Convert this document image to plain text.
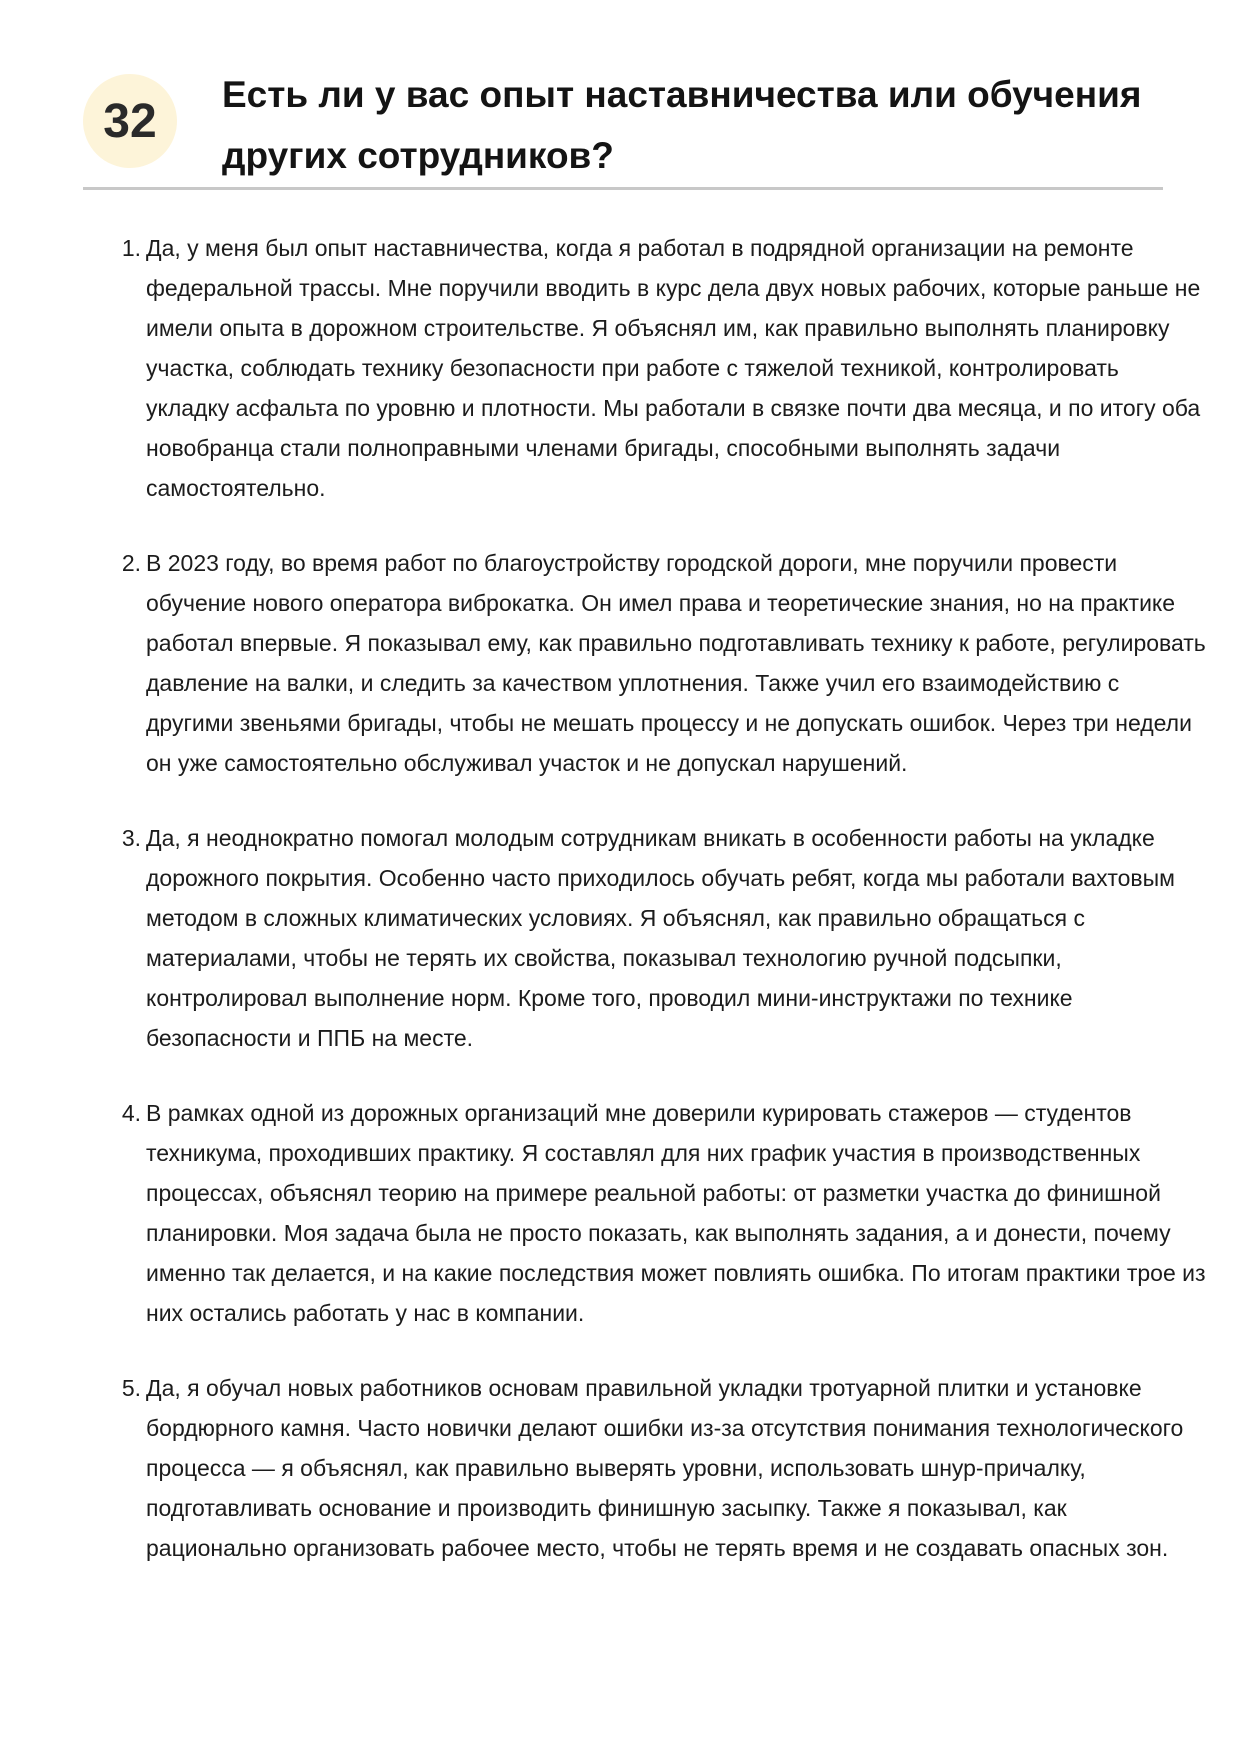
32	Есть ли у вас опыт наставничества или обучения других сотрудников?
1. Да, у меня был опыт наставничества, когда я работал в подрядной организации на ремонте федеральной трассы. Мне поручили вводить в курс дела двух новых рабочих, которые раньше не имели опыта в дорожном строительстве. Я объяснял им, как правильно выполнять планировку участка, соблюдать технику безопасности при работе с тяжелой техникой, контролировать укладку асфальта по уровню и плотности. Мы работали в связке почти два месяца, и по итогу оба новобранца стали полноправными членами бригады, способными выполнять задачи самостоятельно.
2. В 2023 году, во время работ по благоустройству городской дороги, мне поручили провести обучение нового оператора виброкатка. Он имел права и теоретические знания, но на практике работал впервые. Я показывал ему, как правильно подготавливать технику к работе, регулировать давление на валки, и следить за качеством уплотнения. Также учил его взаимодействию с другими звеньями бригады, чтобы не мешать процессу и не допускать ошибок. Через три недели он уже самостоятельно обслуживал участок и не допускал нарушений.
3. Да, я неоднократно помогал молодым сотрудникам вникать в особенности работы на укладке дорожного покрытия. Особенно часто приходилось обучать ребят, когда мы работали вахтовым методом в сложных климатических условиях. Я объяснял, как правильно обращаться с материалами, чтобы не терять их свойства, показывал технологию ручной подсыпки, контролировал выполнение норм. Кроме того, проводил мини-инструктажи по технике безопасности и ППБ на месте.
4. В рамках одной из дорожных организаций мне доверили курировать стажеров — студентов техникума, проходивших практику. Я составлял для них график участия в производственных процессах, объяснял теорию на примере реальной работы: от разметки участка до финишной планировки. Моя задача была не просто показать, как выполнять задания, а и донести, почему именно так делается, и на какие последствия может повлиять ошибка. По итогам практики трое из них остались работать у нас в компании.
5. Да, я обучал новых работников основам правильной укладки тротуарной плитки и установке бордюрного камня. Часто новички делают ошибки из-за отсутствия понимания технологического процесса — я объяснял, как правильно выверять уровни, использовать шнур-причалку, подготавливать основание и производить финишную засыпку. Также я показывал, как рационально организовать рабочее место, чтобы не терять время и не создавать опасных зон.
